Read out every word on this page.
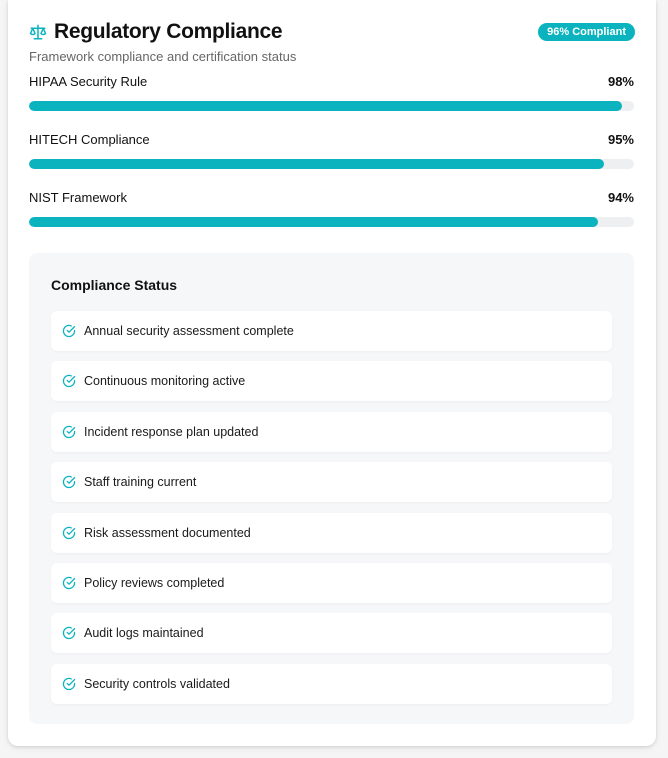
Regulatory Compliance	96% Compliant
Framework compliance and certification status
HIPAA Security Rule	98%
HITECH Compliance	95%
NIST Framework	94%
Compliance Status
Annual security assessment complete
Continuous monitoring active
Incident response plan updated
Staff training current
Risk assessment documented
Policy reviews completed
Audit logs maintained
Security controls validated
